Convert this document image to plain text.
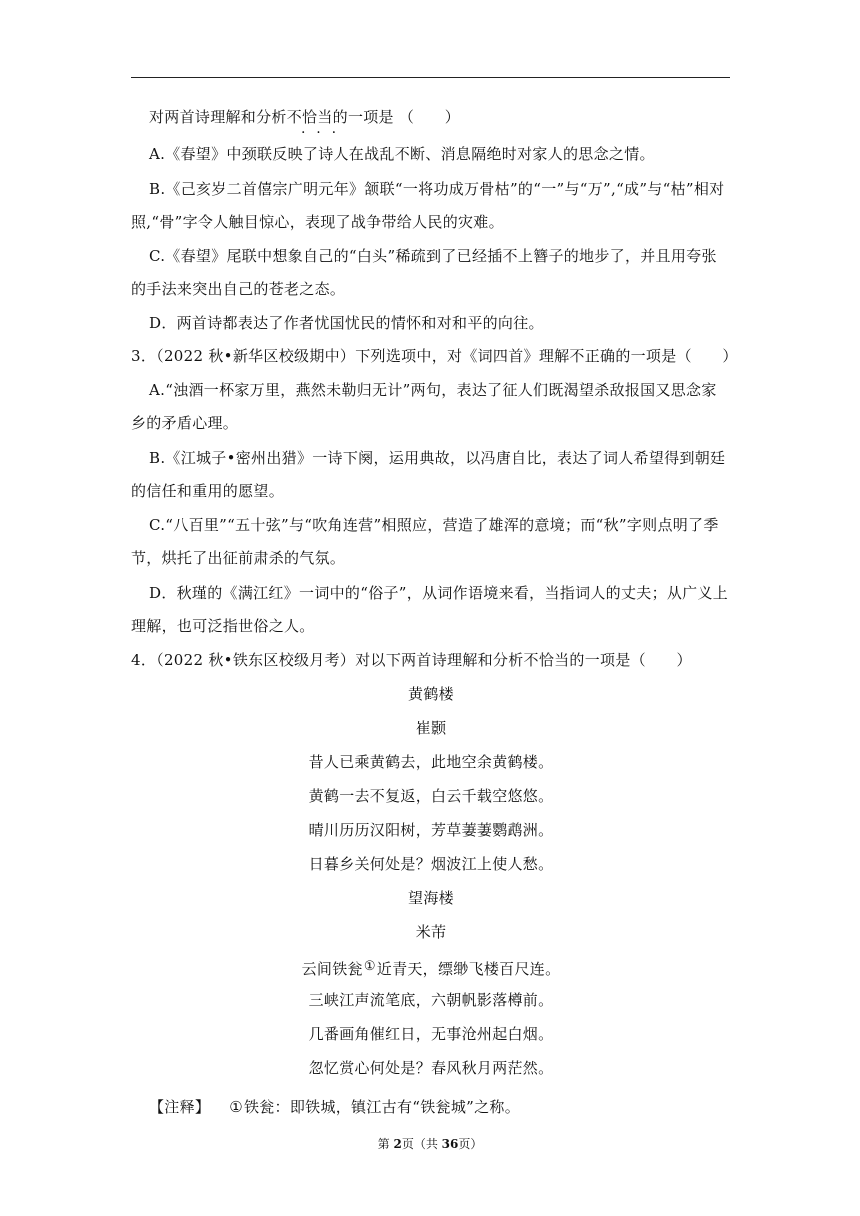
对两首诗理解和分析不恰当的一项是 （　　）
A.《春望》中颈联反映了诗人在战乱不断、消息隔绝时对家人的思念之情。
B.《己亥岁二首僖宗广明元年》颔联“一将功成万骨枯”的“一”与“万”,“成”与“枯”相对照,“骨”字令人触目惊心，表现了战争带给人民的灾难。
C.《春望》尾联中想象自己的“白头”稀疏到了已经插不上簪子的地步了，并且用夸张的手法来突出自己的苍老之态。
D．两首诗都表达了作者忧国忧民的情怀和对和平的向往。
3．（2022 秋•新华区校级期中）下列选项中，对《词四首》理解不正确的一项是（　　）
A.“浊酒一杯家万里，燕然未勒归无计”两句，表达了征人们既渴望杀敌报国又思念家乡的矛盾心理。
B.《江城子•密州出猎》一诗下阕，运用典故，以冯唐自比，表达了词人希望得到朝廷的信任和重用的愿望。
C.“八百里”“五十弦”与“吹角连营”相照应，营造了雄浑的意境；而“秋”字则点明了季节，烘托了出征前肃杀的气氛。
D．秋瑾的《满江红》一词中的“俗子”，从词作语境来看，当指词人的丈夫；从广义上理解，也可泛指世俗之人。
4．（2022 秋•铁东区校级月考）对以下两首诗理解和分析不恰当的一项是（　　）
黄鹤楼
崔颢
昔人已乘黄鹤去，此地空余黄鹤楼。
黄鹤一去不复返，白云千载空悠悠。
晴川历历汉阳树，芳草萋萋鹦鹉洲。
日暮乡关何处是？烟波江上使人愁。
望海楼
米芾
云间铁瓮①近青天，缥缈飞楼百尺连。
三峡江声流笔底，六朝帆影落樽前。
几番画角催红日，无事沧州起白烟。
忽忆赏心何处是？春风秋月两茫然。
【注释】 ①铁瓮：即铁城，镇江古有“铁瓮城”之称。
第 2页（共 36页）
